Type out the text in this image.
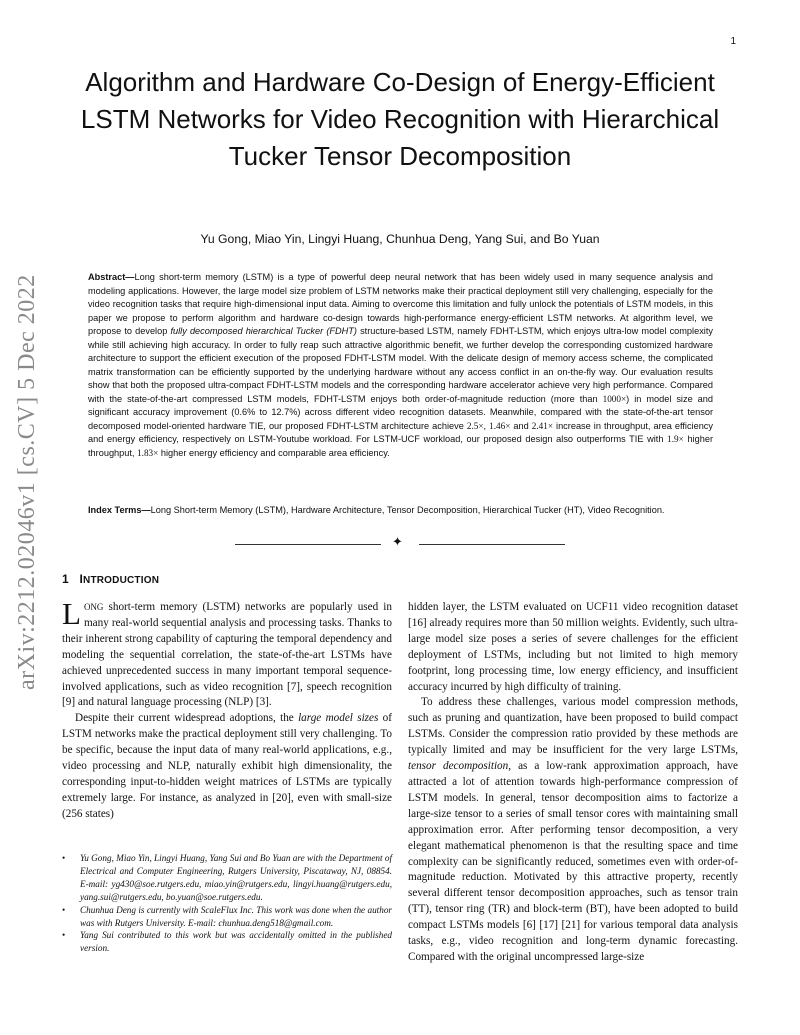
1
arXiv:2212.02046v1 [cs.CV] 5 Dec 2022
Algorithm and Hardware Co-Design of Energy-Efficient LSTM Networks for Video Recognition with Hierarchical Tucker Tensor Decomposition
Yu Gong, Miao Yin, Lingyi Huang, Chunhua Deng, Yang Sui, and Bo Yuan

Abstract—Long short-term memory (LSTM) is a type of powerful deep neural network that has been widely used in many sequence analysis and modeling applications. However, the large model size problem of LSTM networks make their practical deployment still very challenging, especially for the video recognition tasks that require high-dimensional input data. Aiming to overcome this limitation and fully unlock the potentials of LSTM models, in this paper we propose to perform algorithm and hardware co-design towards high-performance energy-efficient LSTM networks. At algorithm level, we propose to develop fully decomposed hierarchical Tucker (FDHT) structure-based LSTM, namely FDHT-LSTM, which enjoys ultra-low model complexity while still achieving high accuracy. In order to fully reap such attractive algorithmic benefit, we further develop the corresponding customized hardware architecture to support the efficient execution of the proposed FDHT-LSTM model. With the delicate design of memory access scheme, the complicated matrix transformation can be efficiently supported by the underlying hardware without any access conflict in an on-the-fly way. Our evaluation results show that both the proposed ultra-compact FDHT-LSTM models and the corresponding hardware accelerator achieve very high performance. Compared with the state-of-the-art compressed LSTM models, FDHT-LSTM enjoys both order-of-magnitude reduction (more than 1000×) in model size and significant accuracy improvement (0.6% to 12.7%) across different video recognition datasets. Meanwhile, compared with the state-of-the-art tensor decomposed model-oriented hardware TIE, our proposed FDHT-LSTM architecture achieve 2.5×, 1.46× and 2.41× increase in throughput, area efficiency and energy efficiency, respectively on LSTM-Youtube workload. For LSTM-UCF workload, our proposed design also outperforms TIE with 1.9× higher throughput, 1.83× higher energy efficiency and comparable area efficiency.

Index Terms—Long Short-term Memory (LSTM), Hardware Architecture, Tensor Decomposition, Hierarchical Tucker (HT), Video Recognition.

✦
1 INTRODUCTION

LONG short-term memory (LSTM) networks are popularly used in many real-world sequential analysis and processing tasks. Thanks to their inherent strong capability of capturing the temporal dependency and modeling the sequential correlation, the state-of-the-art LSTMs have achieved unprecedented success in many important temporal sequence-involved applications, such as video recognition [7], speech recognition [9] and natural language processing (NLP) [3].

Despite their current widespread adoptions, the large model sizes of LSTM networks make the practical deployment still very challenging. To be specific, because the input data of many real-world applications, e.g., video processing and NLP, naturally exhibit high dimensionality, the corresponding input-to-hidden weight matrices of LSTMs are typically extremely large. For instance, as analyzed in [20], even with small-size (256 states)

• Yu Gong, Miao Yin, Lingyi Huang, Yang Sui and Bo Yuan are with the Department of Electrical and Computer Engineering, Rutgers University, Piscataway, NJ, 08854. E-mail: yg430@soe.rutgers.edu, miao.yin@rutgers.edu, lingyi.huang@rutgers.edu, yang.sui@rutgers.edu, bo.yuan@soe.rutgers.edu.
• Chunhua Deng is currently with ScaleFlux Inc. This work was done when the author was with Rutgers University. E-mail: chunhua.deng518@gmail.com.
• Yang Sui contributed to this work but was accidentally omitted in the published version.

hidden layer, the LSTM evaluated on UCF11 video recognition dataset [16] already requires more than 50 million weights. Evidently, such ultra-large model size poses a series of severe challenges for the efficient deployment of LSTMs, including but not limited to high memory footprint, long processing time, low energy efficiency, and insufficient accuracy incurred by high difficulty of training.

To address these challenges, various model compression methods, such as pruning and quantization, have been proposed to build compact LSTMs. Consider the compression ratio provided by these methods are typically limited and may be insufficient for the very large LSTMs, tensor decomposition, as a low-rank approximation approach, have attracted a lot of attention towards high-performance compression of LSTM models. In general, tensor decomposition aims to factorize a large-size tensor to a series of small tensor cores with maintaining small approximation error. After performing tensor decomposition, a very elegant mathematical phenomenon is that the resulting space and time complexity can be significantly reduced, sometimes even with order-of-magnitude reduction. Motivated by this attractive property, recently several different tensor decomposition approaches, such as tensor train (TT), tensor ring (TR) and block-term (BT), have been adopted to build compact LSTMs models [6] [17] [21] for various temporal data analysis tasks, e.g., video recognition and long-term dynamic forecasting. Compared with the original uncompressed large-size
